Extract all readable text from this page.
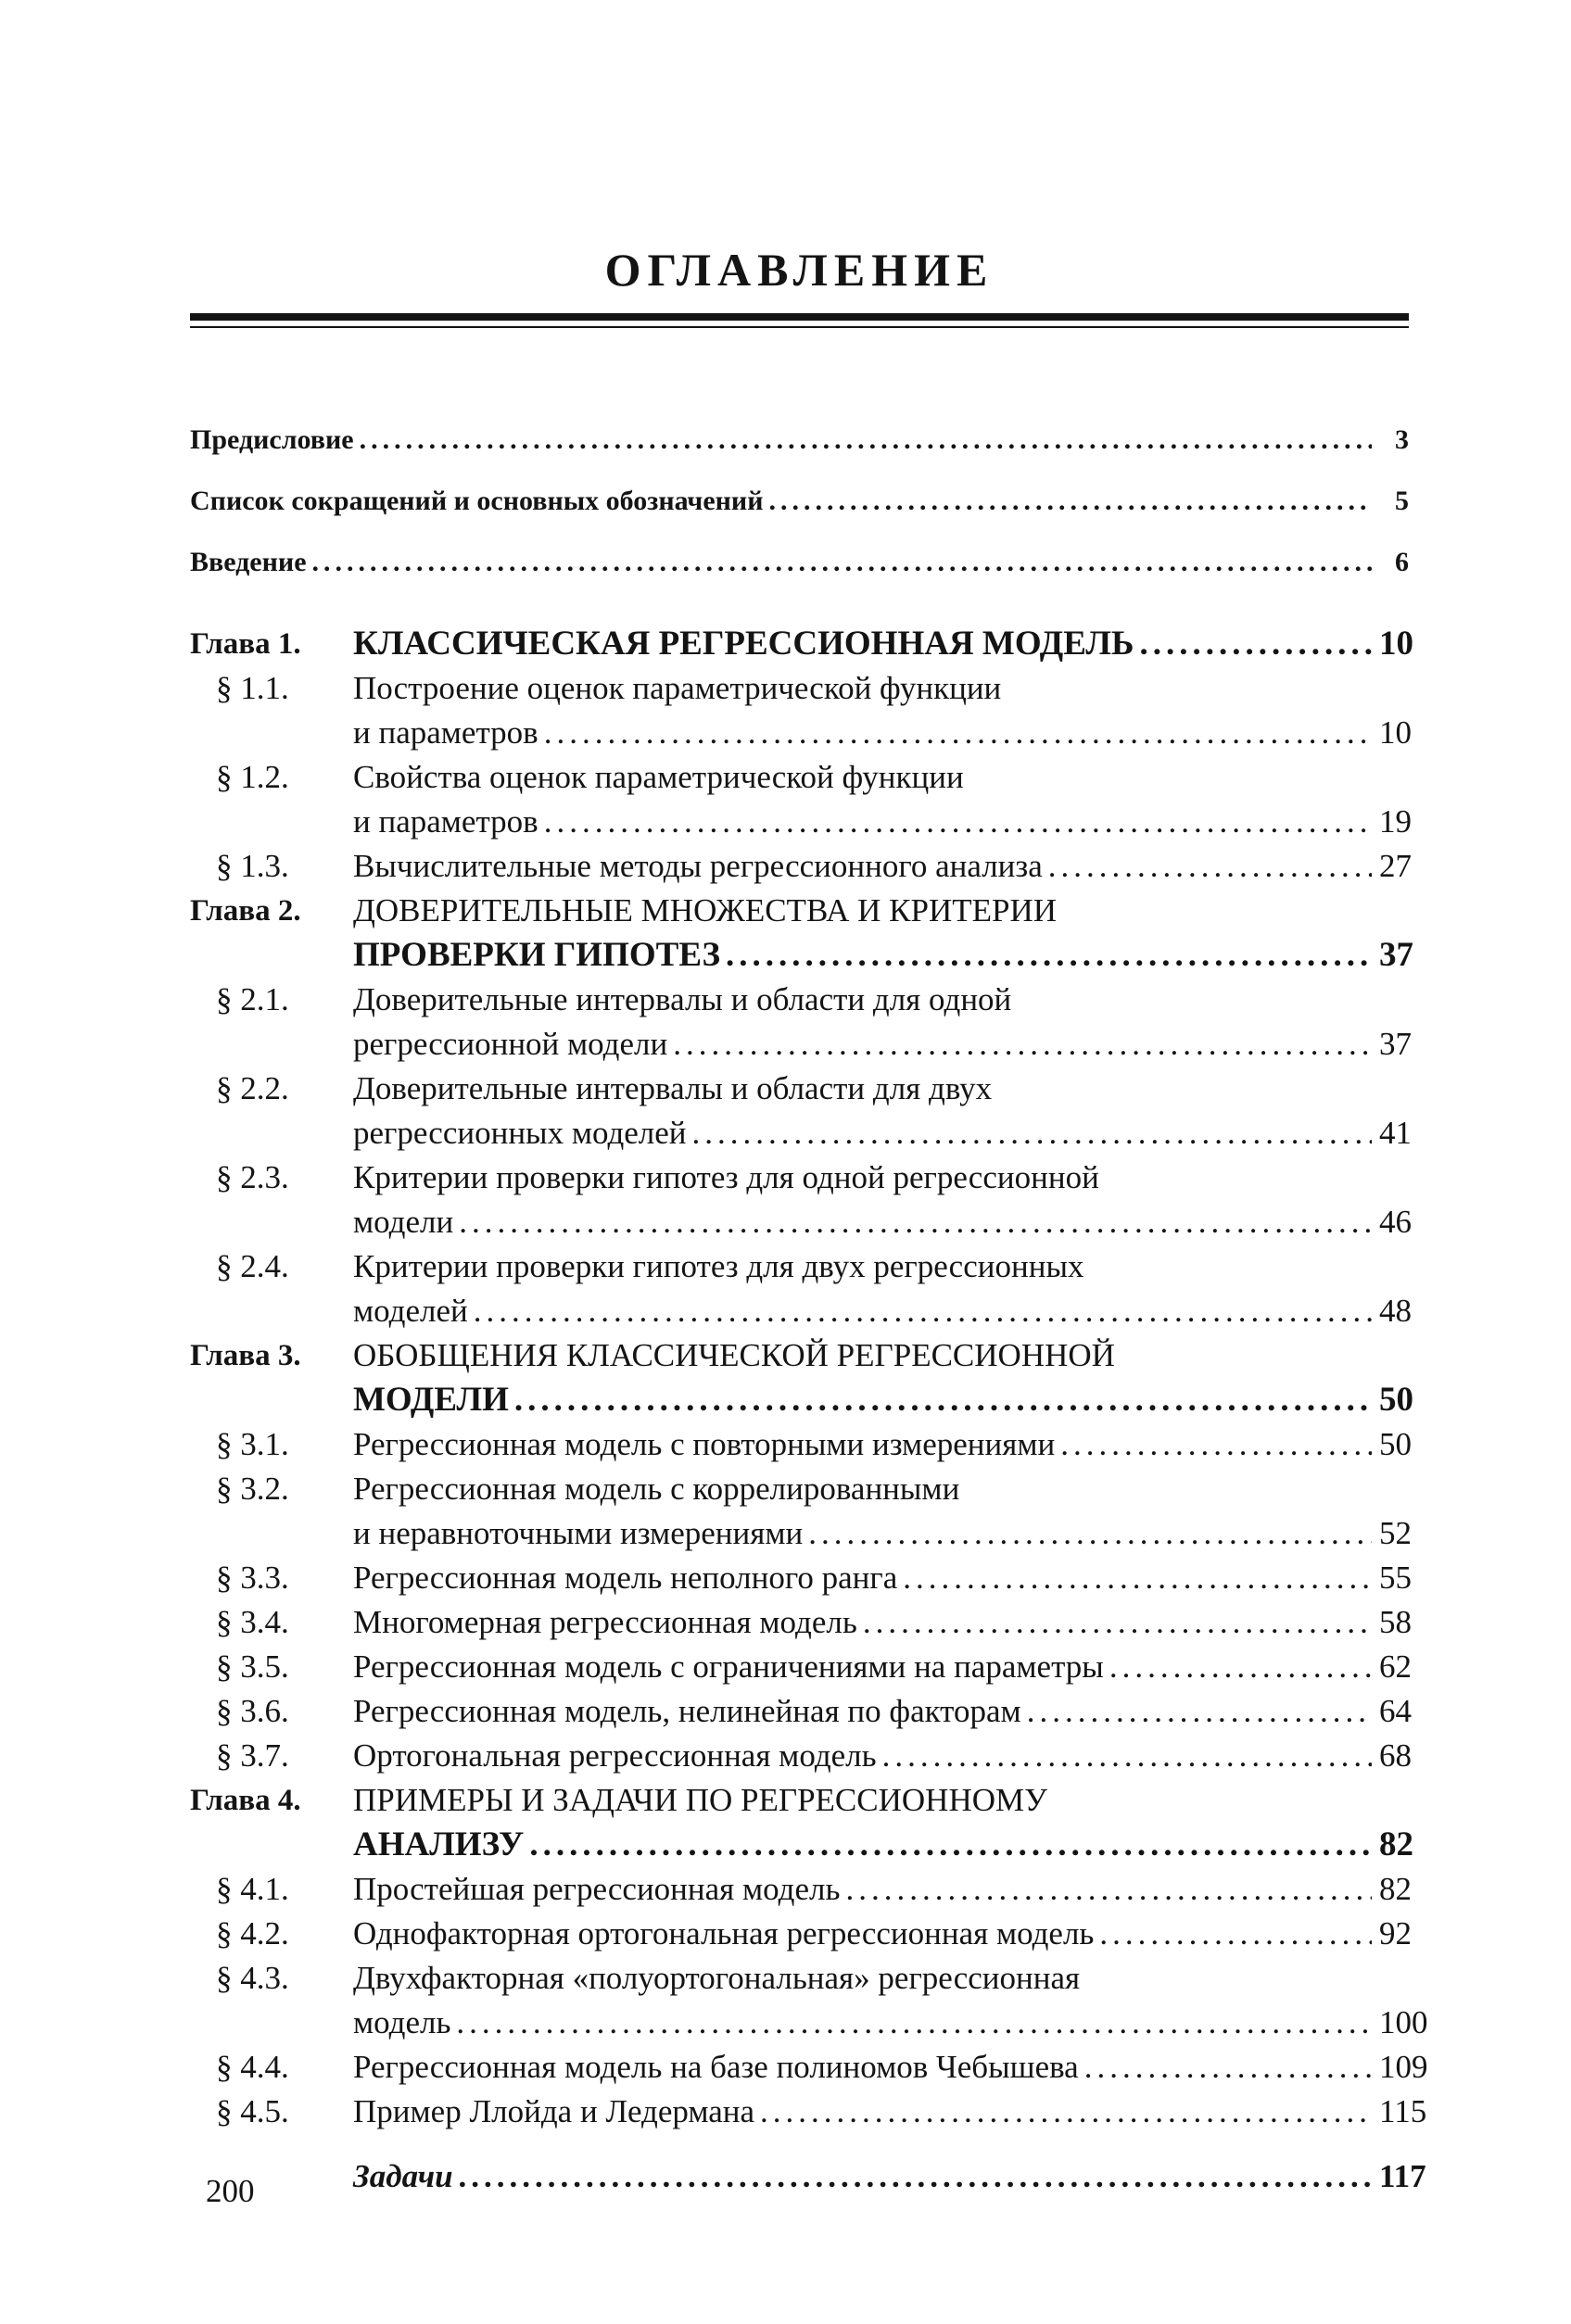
ОГЛАВЛЕНИЕ
Предисловие .....	3
Список сокращений и основных обозначений .....	5
Введение .....	6
Глава 1. КЛАССИЧЕСКАЯ РЕГРЕССИОННАЯ МОДЕЛЬ .....	10
§ 1.1. Построение оценок параметрической функции
и параметров .....	10
§ 1.2. Свойства оценок параметрической функции
и параметров .....	19
§ 1.3. Вычислительные методы регрессионного анализа .....	27
Глава 2. ДОВЕРИТЕЛЬНЫЕ МНОЖЕСТВА И КРИТЕРИИ
ПРОВЕРКИ ГИПОТЕЗ .....	37
§ 2.1. Доверительные интервалы и области для одной
регрессионной модели .....	37
§ 2.2. Доверительные интервалы и области для двух
регрессионных моделей .....	41
§ 2.3. Критерии проверки гипотез для одной регрессионной
модели .....	46
§ 2.4. Критерии проверки гипотез для двух регрессионных
моделей .....	48
Глава 3. ОБОБЩЕНИЯ КЛАССИЧЕСКОЙ РЕГРЕССИОННОЙ
МОДЕЛИ .....	50
§ 3.1. Регрессионная модель с повторными измерениями .....	50
§ 3.2. Регрессионная модель с коррелированными
и неравноточными измерениями .....	52
§ 3.3. Регрессионная модель неполного ранга .....	55
§ 3.4. Многомерная регрессионная модель .....	58
§ 3.5. Регрессионная модель с ограничениями на параметры .....	62
§ 3.6. Регрессионная модель, нелинейная по факторам .....	64
§ 3.7. Ортогональная регрессионная модель .....	68
Глава 4. ПРИМЕРЫ И ЗАДАЧИ ПО РЕГРЕССИОННОМУ
АНАЛИЗУ .....	82
§ 4.1. Простейшая регрессионная модель .....	82
§ 4.2. Однофакторная ортогональная регрессионная модель .....	92
§ 4.3. Двухфакторная «полуортогональная» регрессионная
модель .....	100
§ 4.4. Регрессионная модель на базе полиномов Чебышева .....	109
§ 4.5. Пример Ллойда и Ледермана .....	115
Задачи .....	117
200
